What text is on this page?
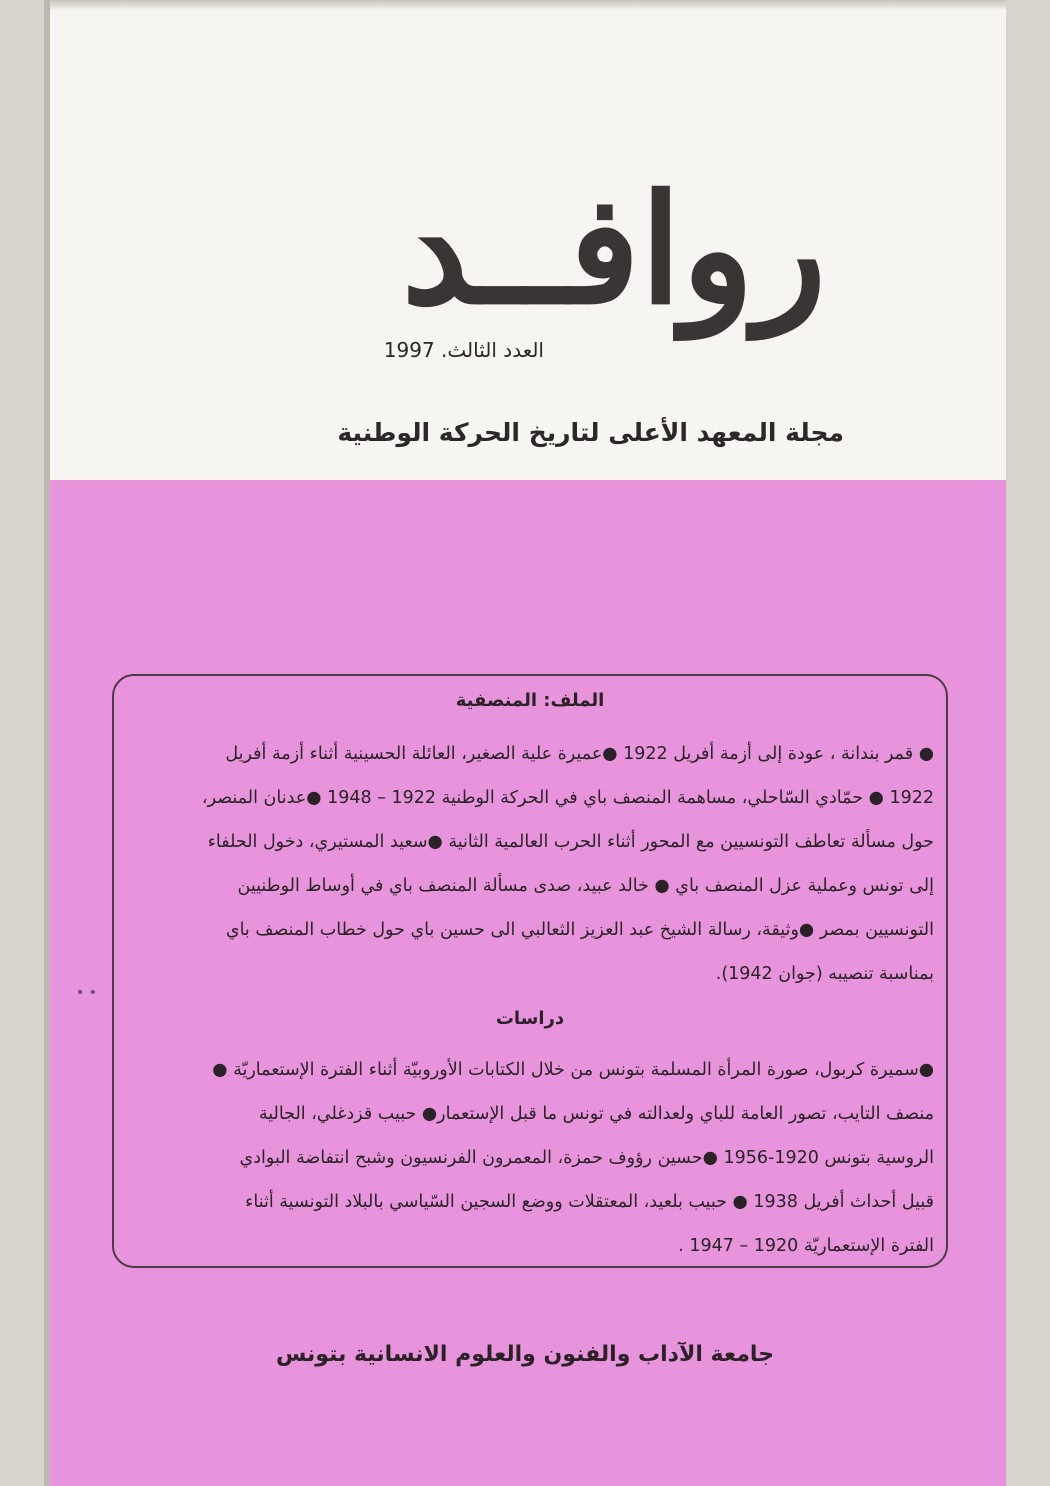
رواف‍ــد
العدد الثالث. 1997
مجلة المعهد الأعلى لتاريخ الحركة الوطنية
• •
الملف: المنصفية
● قمر بندانة ، عودة إلى أزمة أفريل 1922 ●عميرة علية الصغير، العائلة الحسينية أثناء أزمة أفريل
1922 ● حمّادي السّاحلي، مساهمة المنصف باي في الحركة الوطنية 1922 – 1948 ●عدنان المنصر،
حول مسألة تعاطف التونسيين مع المحور أثناء الحرب العالمية الثانية ●سعيد المستيري، دخول الحلفاء
إلى تونس وعملية عزل المنصف باي ● خالد عبيد، صدى مسألة المنصف باي في أوساط الوطنيين
التونسيين بمصر ●وثيقة، رسالة الشيخ عبد العزيز الثعالبي الى حسين باي حول خطاب المنصف باي
بمناسبة تنصيبه (جوان 1942).
دراسات
●سميرة كربول، صورة المرأة المسلمة بتونس من خلال الكتابات الأوروبيّة أثناء الفترة الإستعماريّة ●
منصف التايب، تصور العامة للباي ولعدالته في تونس ما قبل الإستعمار● حبيب قزدغلي، الجالية
الروسية بتونس 1920-1956 ●حسين رؤوف حمزة، المعمرون الفرنسيون وشبح انتفاضة البوادي
قبيل أحداث أفريل 1938 ● حبيب بلعيد، المعتقلات ووضع السجين السّياسي بالبلاد التونسية أثناء
الفترة الإستعماريّة 1920 – 1947 .
جامعة الآداب والفنون والعلوم الانسانية بتونس
